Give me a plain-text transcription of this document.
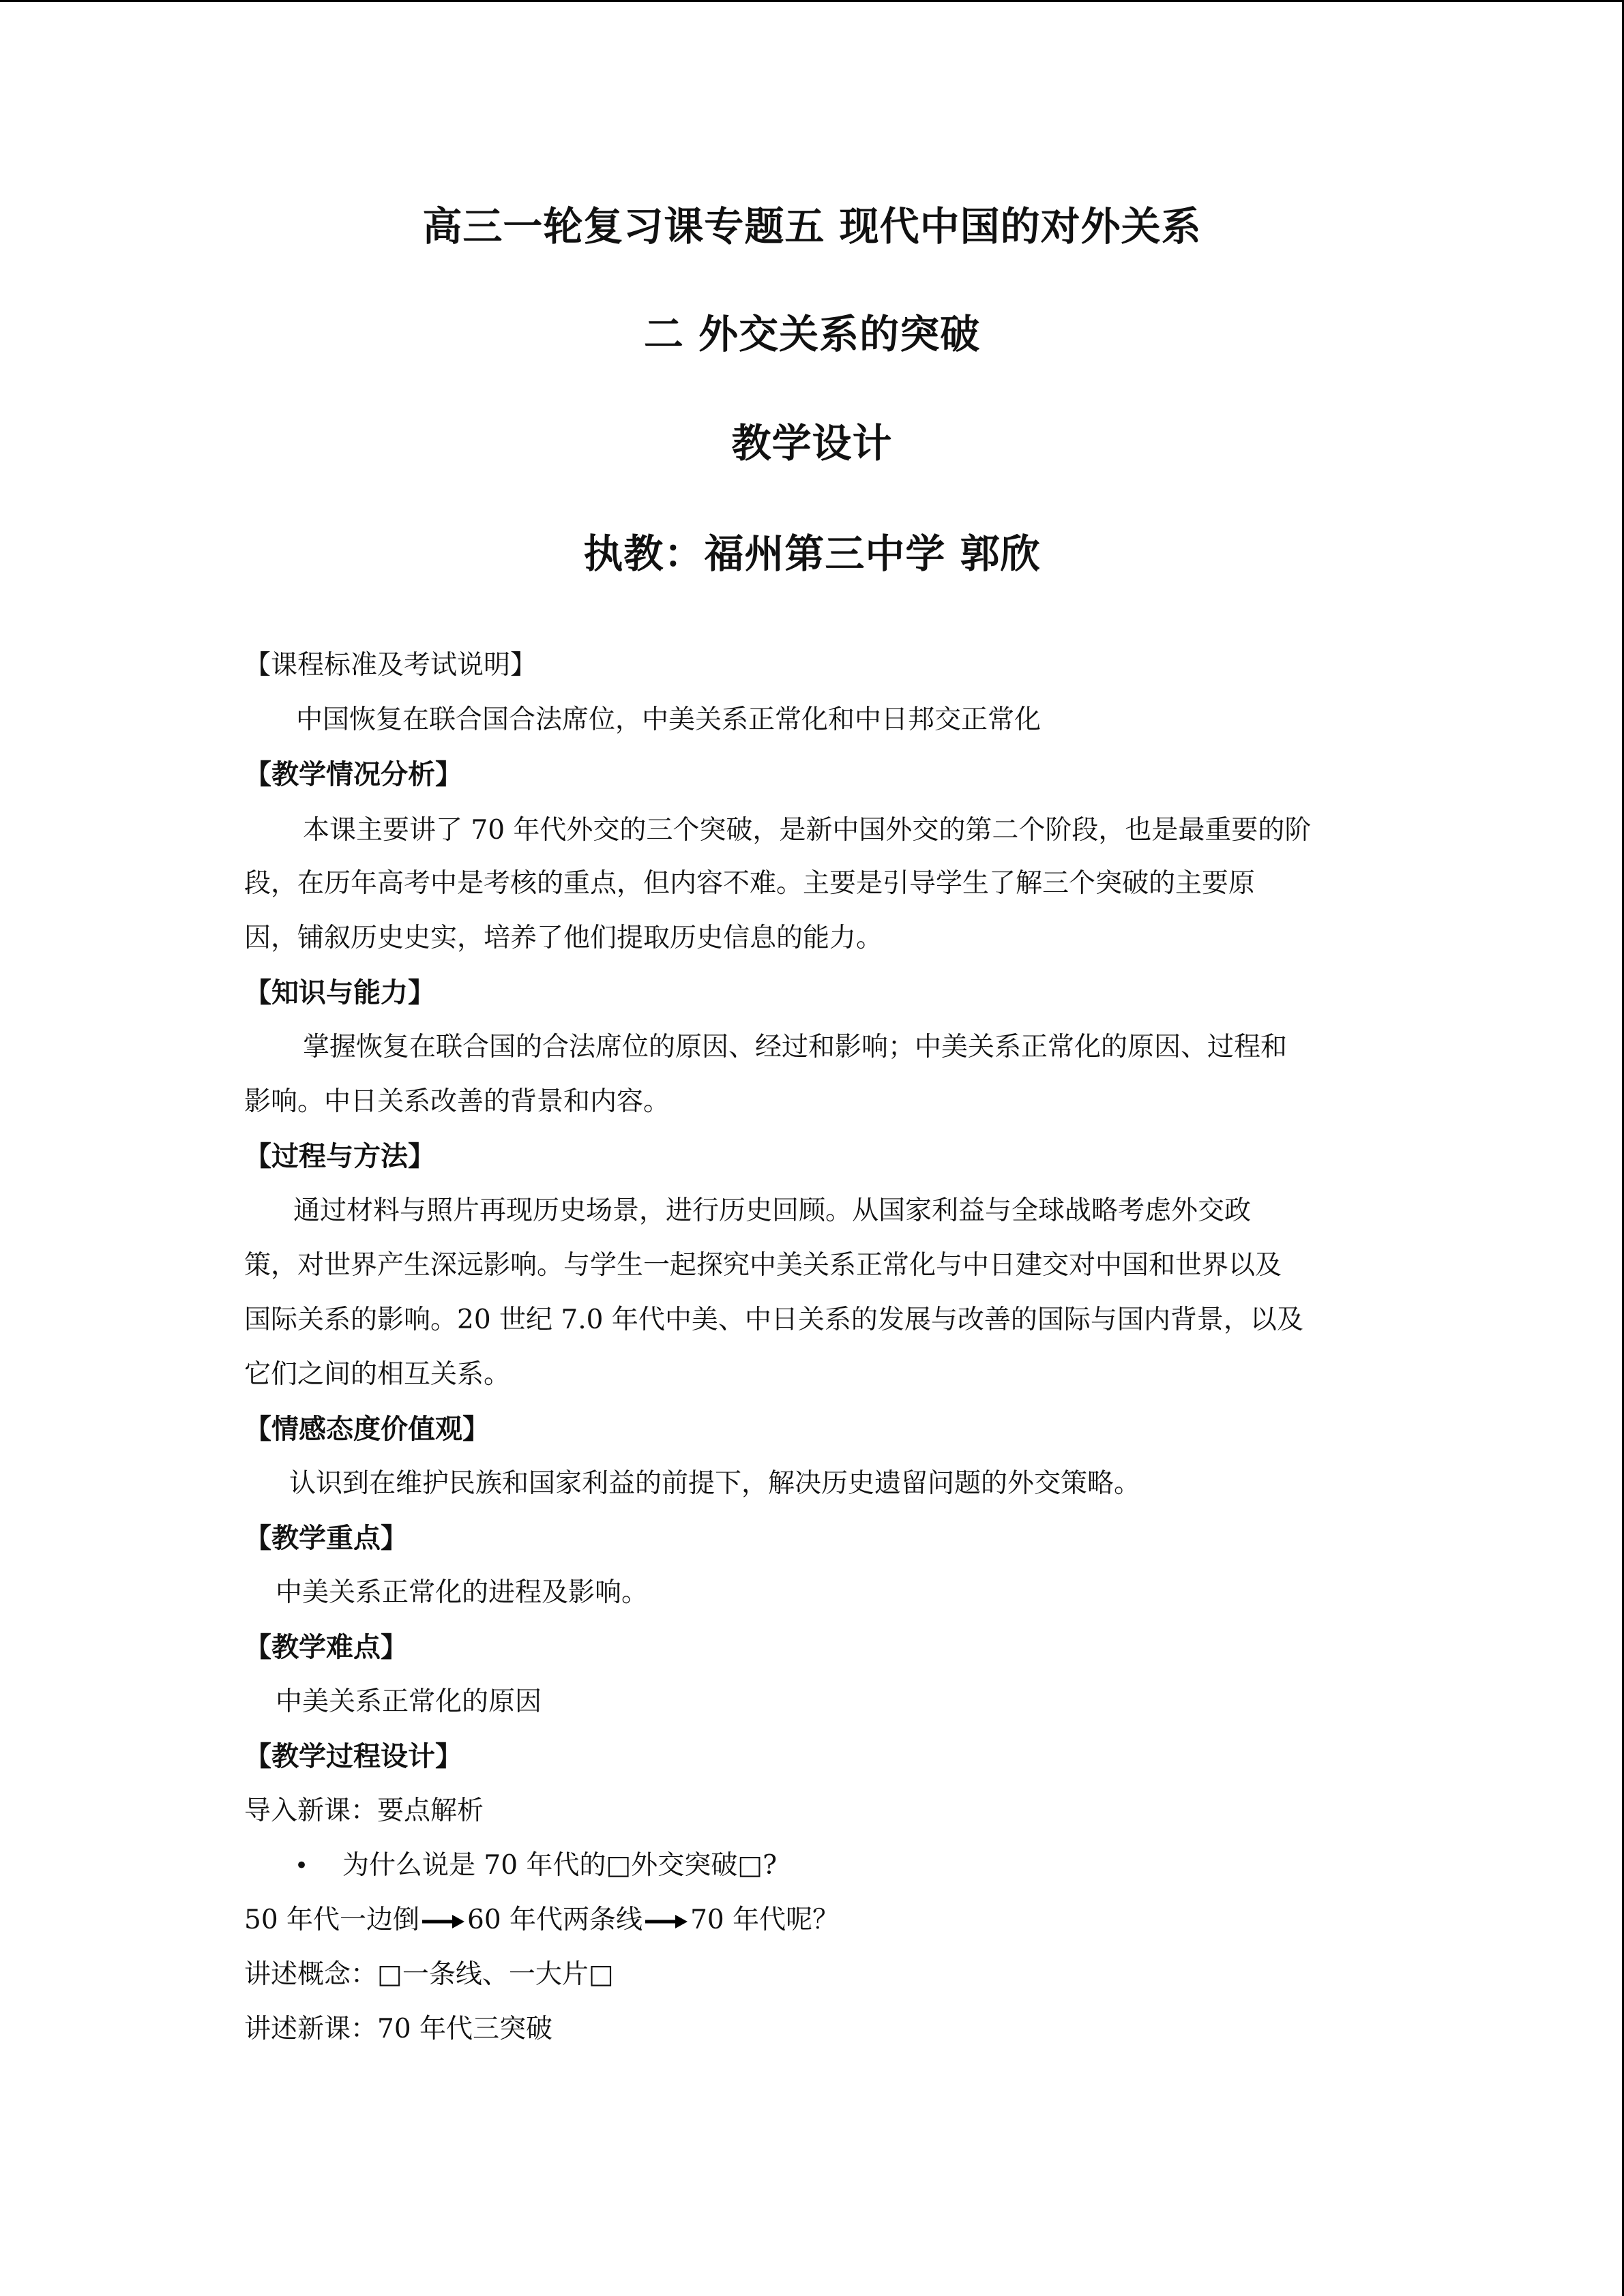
高三一轮复习课专题五 现代中国的对外关系
二 外交关系的突破
教学设计
执教：福州第三中学 郭欣

【课程标准及考试说明】

中国恢复在联合国合法席位，中美关系正常化和中日邦交正常化

【教学情况分析】

本课主要讲了 70 年代外交的三个突破，是新中国外交的第二个阶段，也是最重要的阶

段，在历年高考中是考核的重点，但内容不难。主要是引导学生了解三个突破的主要原

因，铺叙历史史实，培养了他们提取历史信息的能力。

【知识与能力】

掌握恢复在联合国的合法席位的原因、经过和影响；中美关系正常化的原因、过程和

影响。中日关系改善的背景和内容。

【过程与方法】

通过材料与照片再现历史场景，进行历史回顾。从国家利益与全球战略考虑外交政

策，对世界产生深远影响。与学生一起探究中美关系正常化与中日建交对中国和世界以及

国际关系的影响。20 世纪 7.0 年代中美、中日关系的发展与改善的国际与国内背景，以及

它们之间的相互关系。

【情感态度价值观】

认识到在维护民族和国家利益的前提下，解决历史遗留问题的外交策略。

【教学重点】

中美关系正常化的进程及影响。

【教学难点】

中美关系正常化的原因

【教学过程设计】

导入新课：要点解析

• 为什么说是 70 年代的□外交突破□?

50 年代一边倒 60 年代两条线 70 年代呢？

讲述概念：□一条线、一大片□

讲述新课：70 年代三突破
